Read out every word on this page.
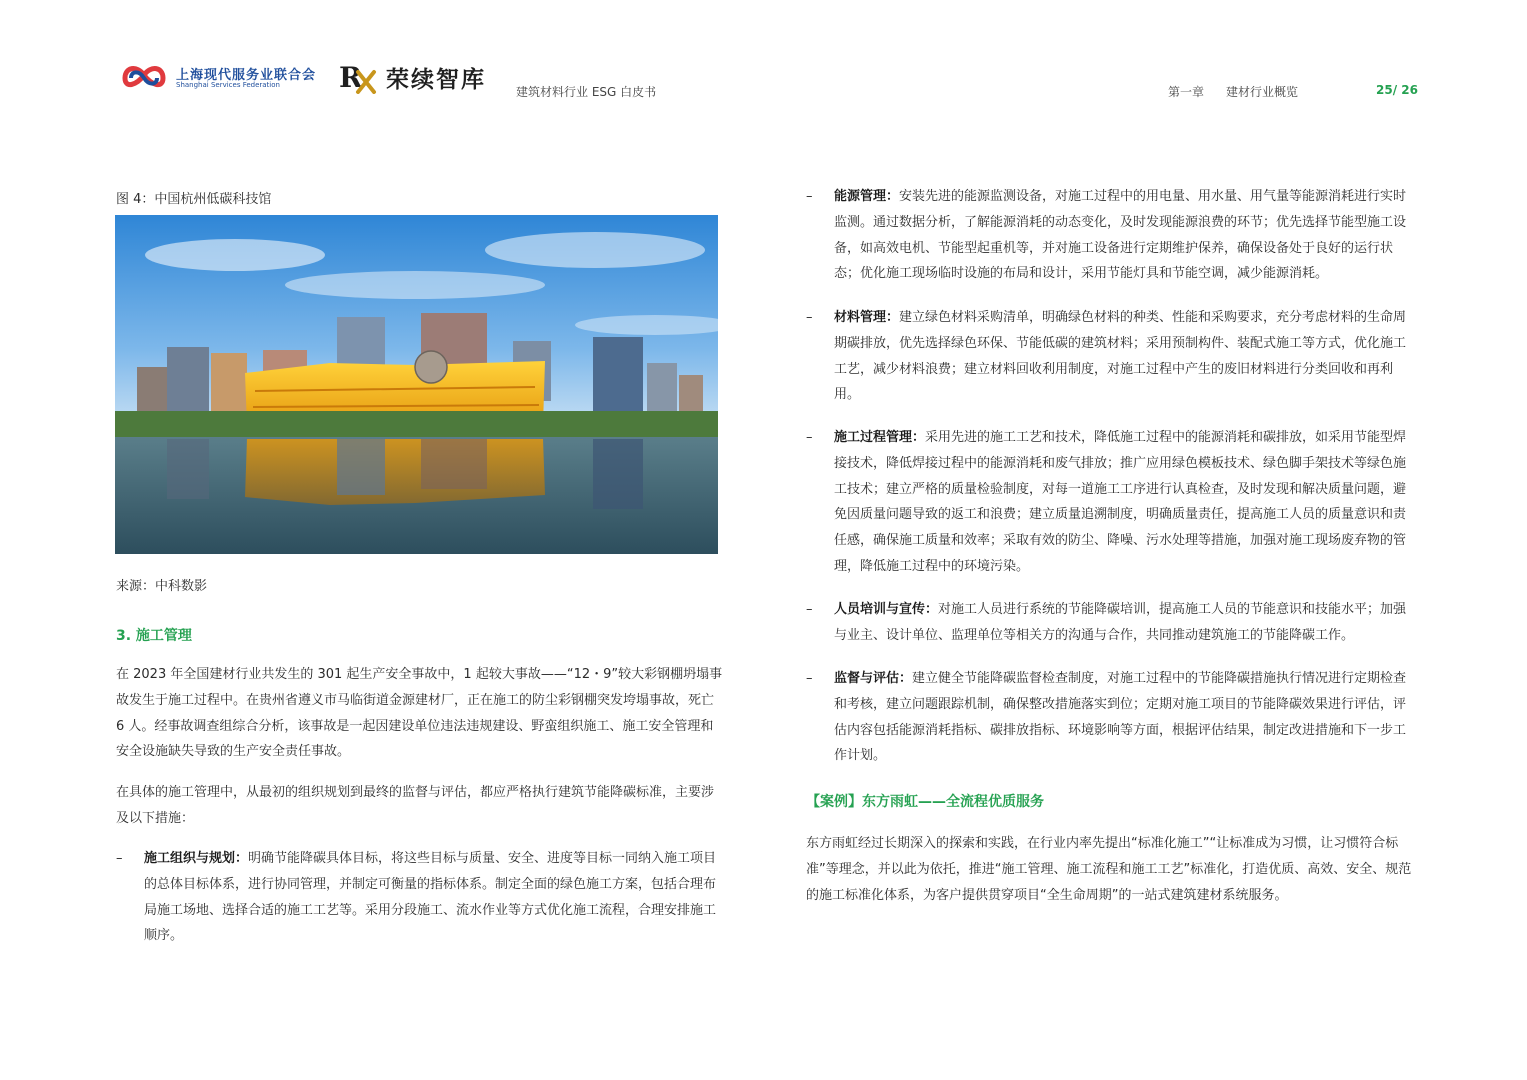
上海现代服务业联合会
Shanghai Services Federation R 荣续智库	建筑材料行业 ESG 白皮书	第一章 建材行业概览	25/ 26
图 4：中国杭州低碳科技馆
来源：中科数影
3. 施工管理
在 2023 年全国建材行业共发生的 301 起生产安全事故中，1 起较大事故——“12・9”较大彩钢棚坍塌事故发生于施工过程中。在贵州省遵义市马临街道金源建材厂，正在施工的防尘彩钢棚突发垮塌事故，死亡 6 人。经事故调查组综合分析，该事故是一起因建设单位违法违规建设、野蛮组织施工、施工安全管理和安全设施缺失导致的生产安全责任事故。
在具体的施工管理中，从最初的组织规划到最终的监督与评估，都应严格执行建筑节能降碳标准，主要涉及以下措施：
– 施工组织与规划：明确节能降碳具体目标，将这些目标与质量、安全、进度等目标一同纳入施工项目的总体目标体系，进行协同管理，并制定可衡量的指标体系。制定全面的绿色施工方案，包括合理布局施工场地、选择合适的施工工艺等。采用分段施工、流水作业等方式优化施工流程，合理安排施工顺序。
– 能源管理：安装先进的能源监测设备，对施工过程中的用电量、用水量、用气量等能源消耗进行实时监测。通过数据分析，了解能源消耗的动态变化，及时发现能源浪费的环节；优先选择节能型施工设备，如高效电机、节能型起重机等，并对施工设备进行定期维护保养，确保设备处于良好的运行状态；优化施工现场临时设施的布局和设计，采用节能灯具和节能空调，减少能源消耗。
– 材料管理：建立绿色材料采购清单，明确绿色材料的种类、性能和采购要求，充分考虑材料的生命周期碳排放，优先选择绿色环保、节能低碳的建筑材料；采用预制构件、装配式施工等方式，优化施工工艺，减少材料浪费；建立材料回收利用制度，对施工过程中产生的废旧材料进行分类回收和再利用。
– 施工过程管理：采用先进的施工工艺和技术，降低施工过程中的能源消耗和碳排放，如采用节能型焊接技术，降低焊接过程中的能源消耗和废气排放；推广应用绿色模板技术、绿色脚手架技术等绿色施工技术；建立严格的质量检验制度，对每一道施工工序进行认真检查，及时发现和解决质量问题，避免因质量问题导致的返工和浪费；建立质量追溯制度，明确质量责任，提高施工人员的质量意识和责任感，确保施工质量和效率；采取有效的防尘、降噪、污水处理等措施，加强对施工现场废弃物的管理，降低施工过程中的环境污染。
– 人员培训与宣传：对施工人员进行系统的节能降碳培训，提高施工人员的节能意识和技能水平；加强与业主、设计单位、监理单位等相关方的沟通与合作，共同推动建筑施工的节能降碳工作。
– 监督与评估：建立健全节能降碳监督检查制度，对施工过程中的节能降碳措施执行情况进行定期检查和考核，建立问题跟踪机制，确保整改措施落实到位；定期对施工项目的节能降碳效果进行评估，评估内容包括能源消耗指标、碳排放指标、环境影响等方面，根据评估结果，制定改进措施和下一步工作计划。
【案例】东方雨虹——全流程优质服务
东方雨虹经过长期深入的探索和实践，在行业内率先提出“标准化施工”“让标准成为习惯，让习惯符合标准”等理念，并以此为依托，推进“施工管理、施工流程和施工工艺”标准化，打造优质、高效、安全、规范的施工标准化体系，为客户提供贯穿项目“全生命周期”的一站式建筑建材系统服务。
